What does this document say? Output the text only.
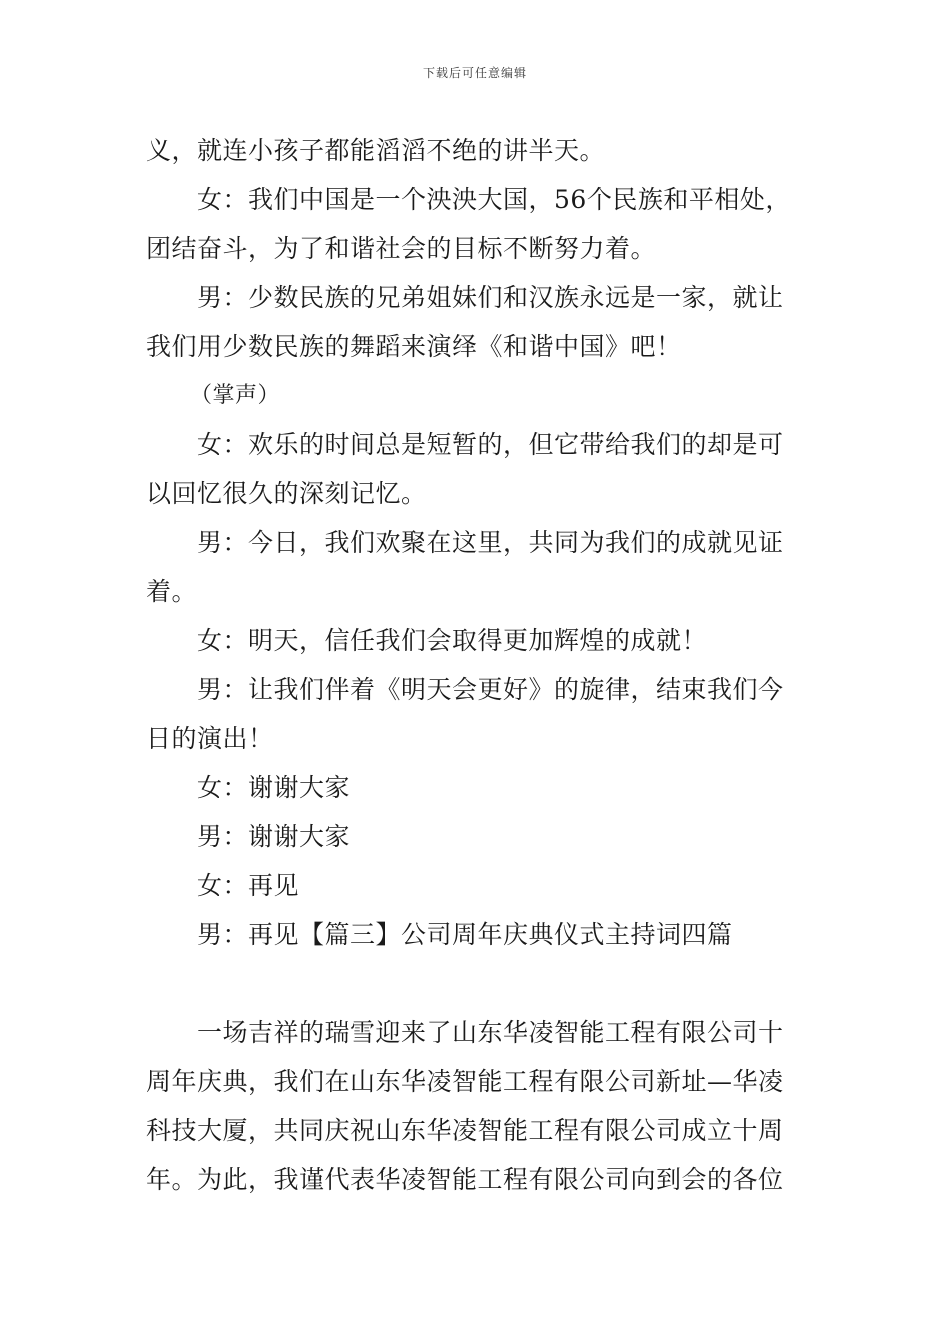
下载后可任意编辑
义，就连小孩子都能滔滔不绝的讲半天。
女：我们中国是一个泱泱大国，56个民族和平相处，
团结奋斗，为了和谐社会的目标不断努力着。
男：少数民族的兄弟姐妹们和汉族永远是一家，就让
我们用少数民族的舞蹈来演绎《和谐中国》吧！
（掌声）
女：欢乐的时间总是短暂的，但它带给我们的却是可
以回忆很久的深刻记忆。
男：今日，我们欢聚在这里，共同为我们的成就见证
着。
女：明天，信任我们会取得更加辉煌的成就！
男：让我们伴着《明天会更好》的旋律，结束我们今
日的演出！
女：谢谢大家
男：谢谢大家
女：再见
男：再见【篇三】公司周年庆典仪式主持词四篇
一场吉祥的瑞雪迎来了山东华凌智能工程有限公司十
周年庆典，我们在山东华凌智能工程有限公司新址—华凌
科技大厦，共同庆祝山东华凌智能工程有限公司成立十周
年。为此，我谨代表华凌智能工程有限公司向到会的各位
